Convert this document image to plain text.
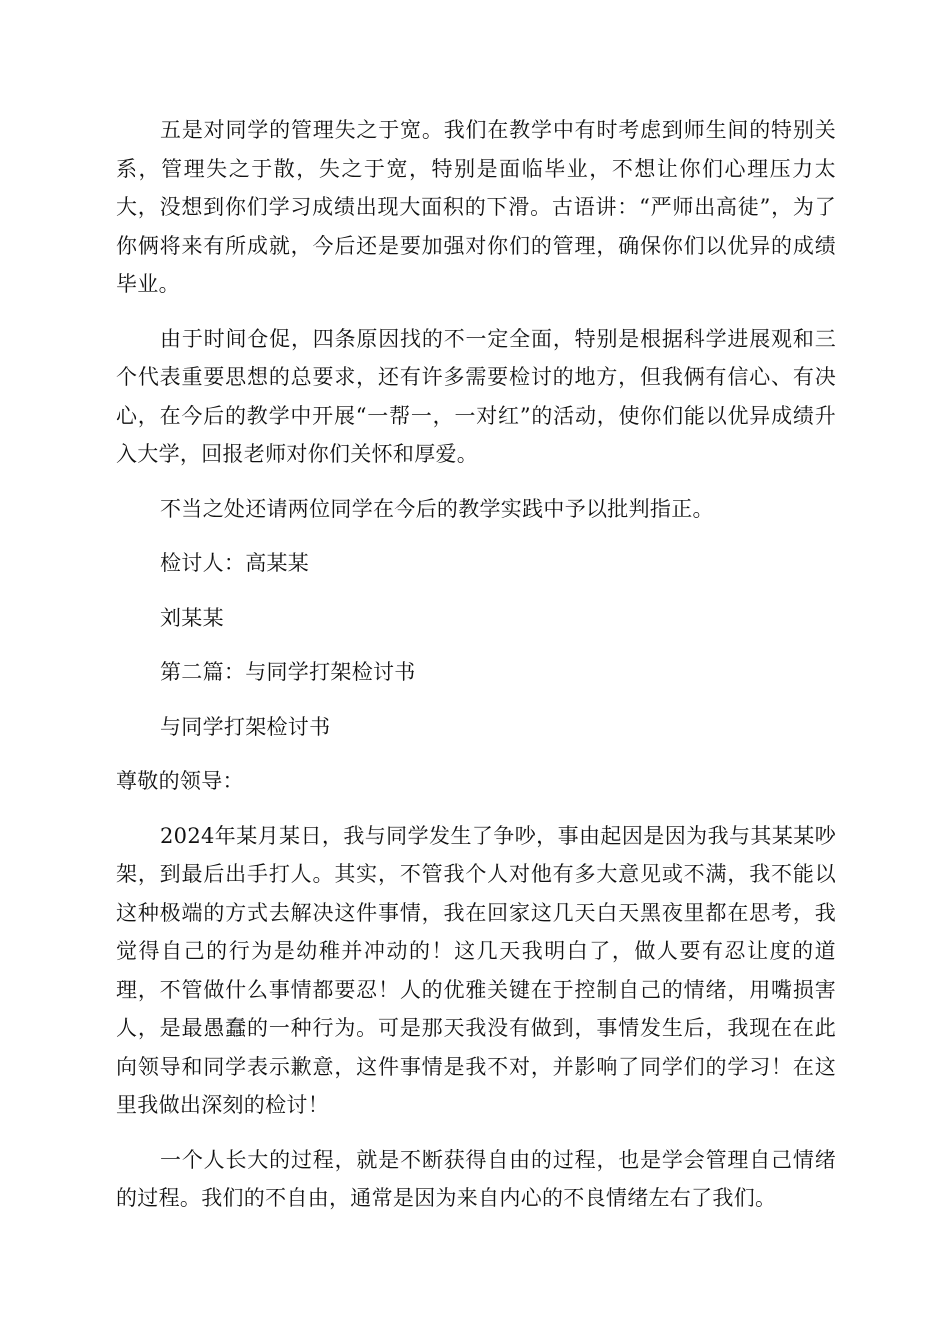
五是对同学的管理失之于宽。我们在教学中有时考虑到师生间的特别关系，管理失之于散，失之于宽，特别是面临毕业，不想让你们心理压力太大，没想到你们学习成绩出现大面积的下滑。古语讲：“严师出高徒”，为了你俩将来有所成就，今后还是要加强对你们的管理，确保你们以优异的成绩毕业。

由于时间仓促，四条原因找的不一定全面，特别是根据科学进展观和三个代表重要思想的总要求，还有许多需要检讨的地方，但我俩有信心、有决心，在今后的教学中开展“一帮一，一对红”的活动，使你们能以优异成绩升入大学，回报老师对你们关怀和厚爱。

不当之处还请两位同学在今后的教学实践中予以批判指正。

检讨人：高某某

刘某某

第二篇：与同学打架检讨书

与同学打架检讨书

尊敬的领导：

2024年某月某日，我与同学发生了争吵，事由起因是因为我与其某某吵架，到最后出手打人。其实，不管我个人对他有多大意见或不满，我不能以这种极端的方式去解决这件事情，我在回家这几天白天黑夜里都在思考，我觉得自己的行为是幼稚并冲动的！这几天我明白了，做人要有忍让度的道理，不管做什么事情都要忍！人的优雅关键在于控制自己的情绪，用嘴损害人，是最愚蠢的一种行为。可是那天我没有做到，事情发生后，我现在在此向领导和同学表示歉意，这件事情是我不对，并影响了同学们的学习！在这里我做出深刻的检讨！

一个人长大的过程，就是不断获得自由的过程，也是学会管理自己情绪的过程。我们的不自由，通常是因为来自内心的不良情绪左右了我们。
